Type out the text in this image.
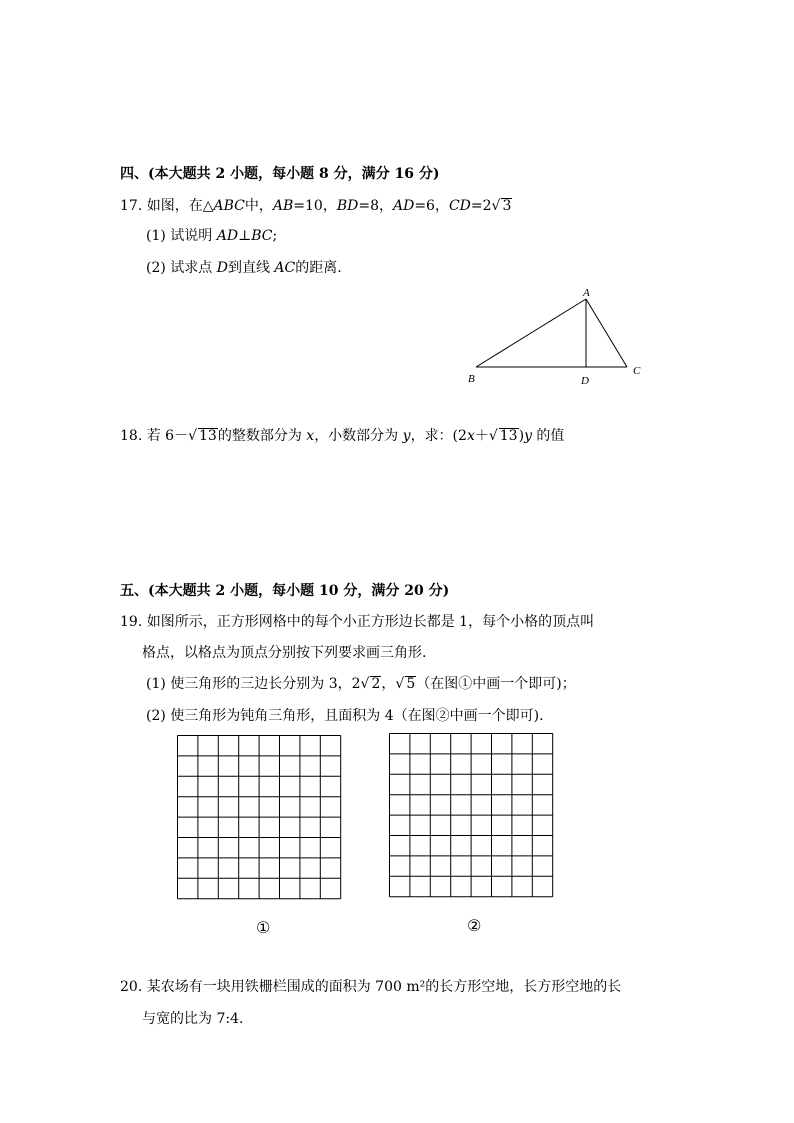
四、(本大题共 2 小题，每小题 8 分，满分 16 分)
17. 如图，在△ABC中，AB=10，BD=8，AD=6，CD=2√ 3
(1) 试说明 AD⊥BC;
(2) 试求点 D到直线 AC的距离.
A
B	D
C
18. 若 6－√ 13的整数部分为 x，小数部分为 y，求：(2x＋√ 13)y 的值
五、(本大题共 2 小题，每小题 10 分，满分 20 分)
19. 如图所示，正方形网格中的每个小正方形边长都是 1，每个小格的顶点叫
格点，以格点为顶点分别按下列要求画三角形.
(1) 使三角形的三边长分别为 3，2√ 2，√ 5（在图①中画一个即可)；
(2) 使三角形为钝角三角形，且面积为 4（在图②中画一个即可).
①	②
20. 某农场有一块用铁栅栏围成的面积为 700 m²的长方形空地，长方形空地的长
与宽的比为 7:4.
